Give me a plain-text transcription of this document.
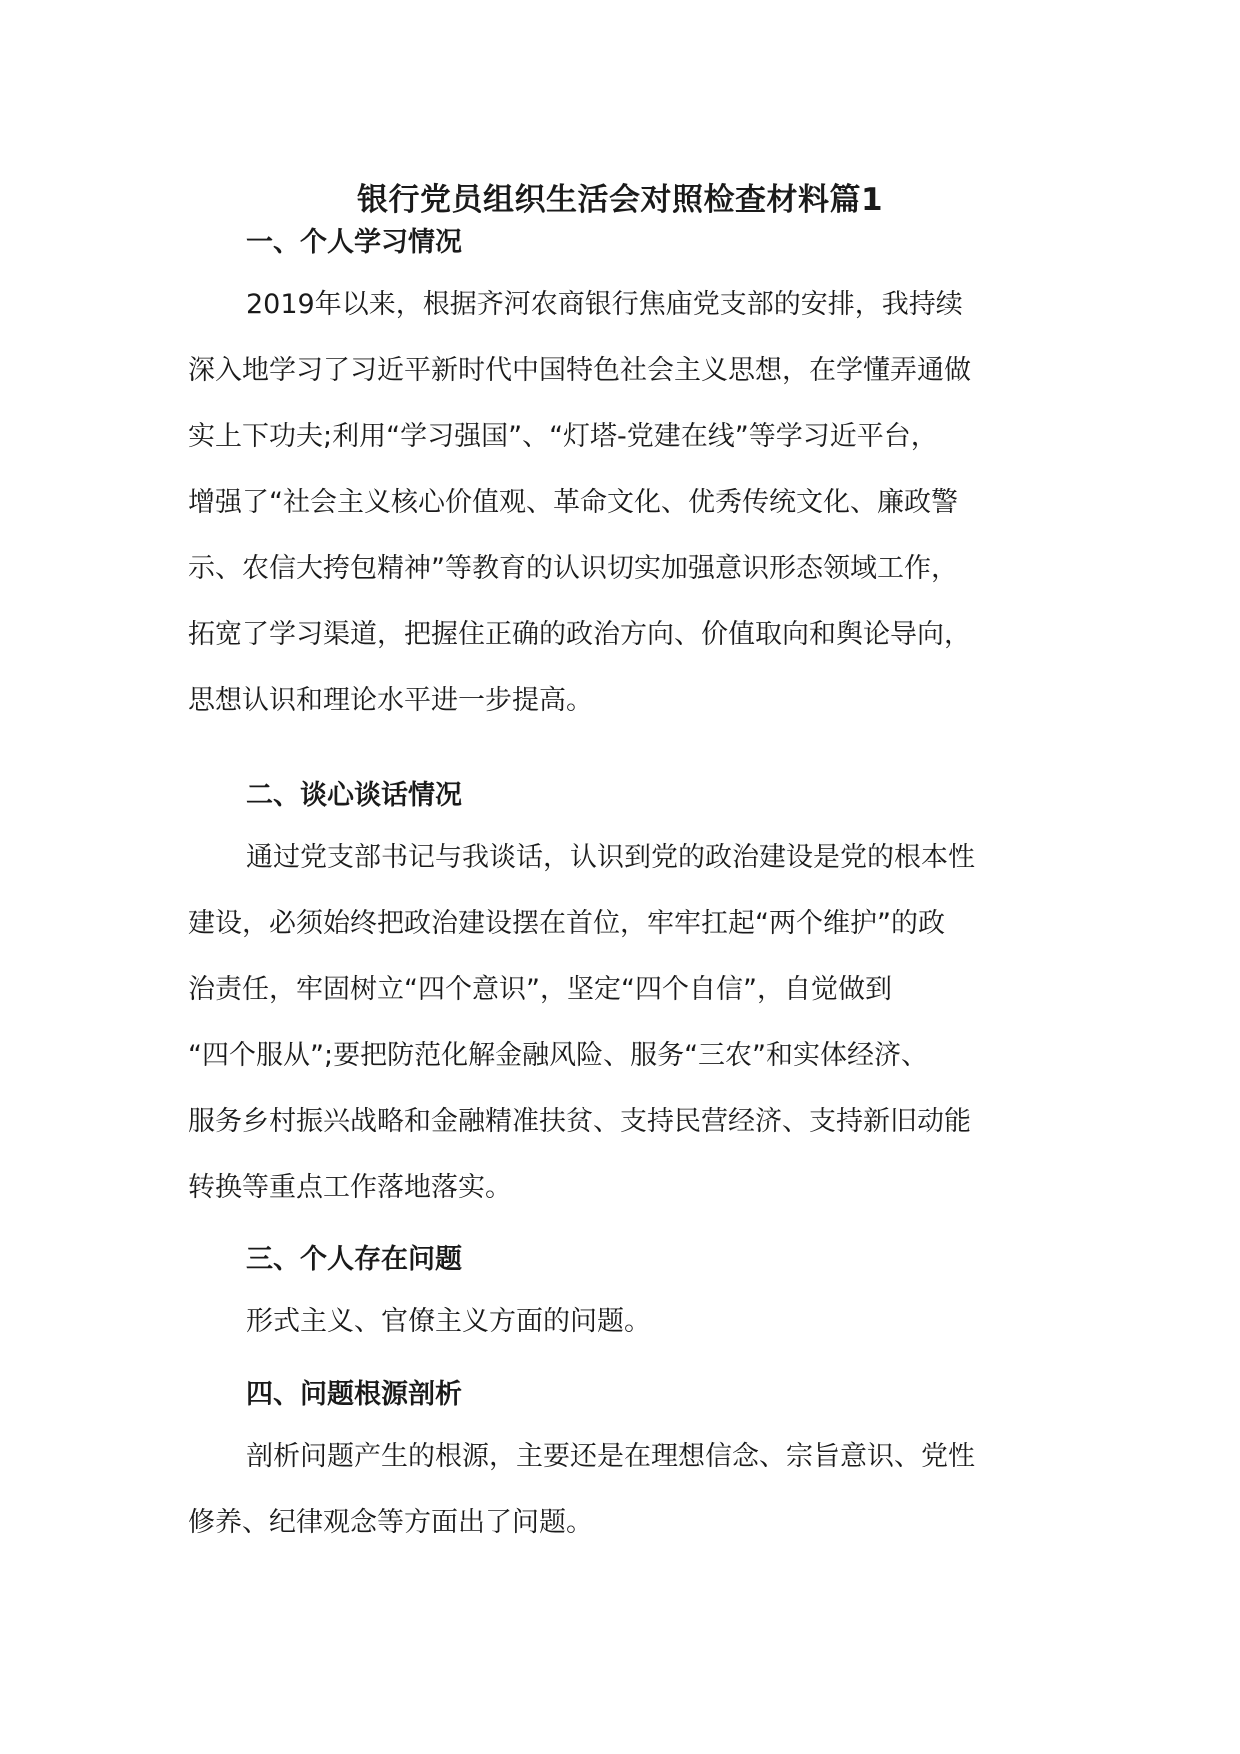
银行党员组织生活会对照检查材料篇1
一、个人学习情况
2019年以来，根据齐河农商银行焦庙党支部的安排，我持续
深入地学习了习近平新时代中国特色社会主义思想，在学懂弄通做
实上下功夫;利用“学习强国”、“灯塔-党建在线”等学习近平台，
增强了“社会主义核心价值观、革命文化、优秀传统文化、廉政警
示、农信大挎包精神”等教育的认识切实加强意识形态领域工作，
拓宽了学习渠道，把握住正确的政治方向、价值取向和舆论导向，
思想认识和理论水平进一步提高。
二、谈心谈话情况
通过党支部书记与我谈话，认识到党的政治建设是党的根本性
建设，必须始终把政治建设摆在首位，牢牢扛起“两个维护”的政
治责任，牢固树立“四个意识”，坚定“四个自信”，自觉做到
“四个服从”;要把防范化解金融风险、服务“三农”和实体经济、
服务乡村振兴战略和金融精准扶贫、支持民营经济、支持新旧动能
转换等重点工作落地落实。
三、个人存在问题
形式主义、官僚主义方面的问题。
四、问题根源剖析
剖析问题产生的根源，主要还是在理想信念、宗旨意识、党性
修养、纪律观念等方面出了问题。
